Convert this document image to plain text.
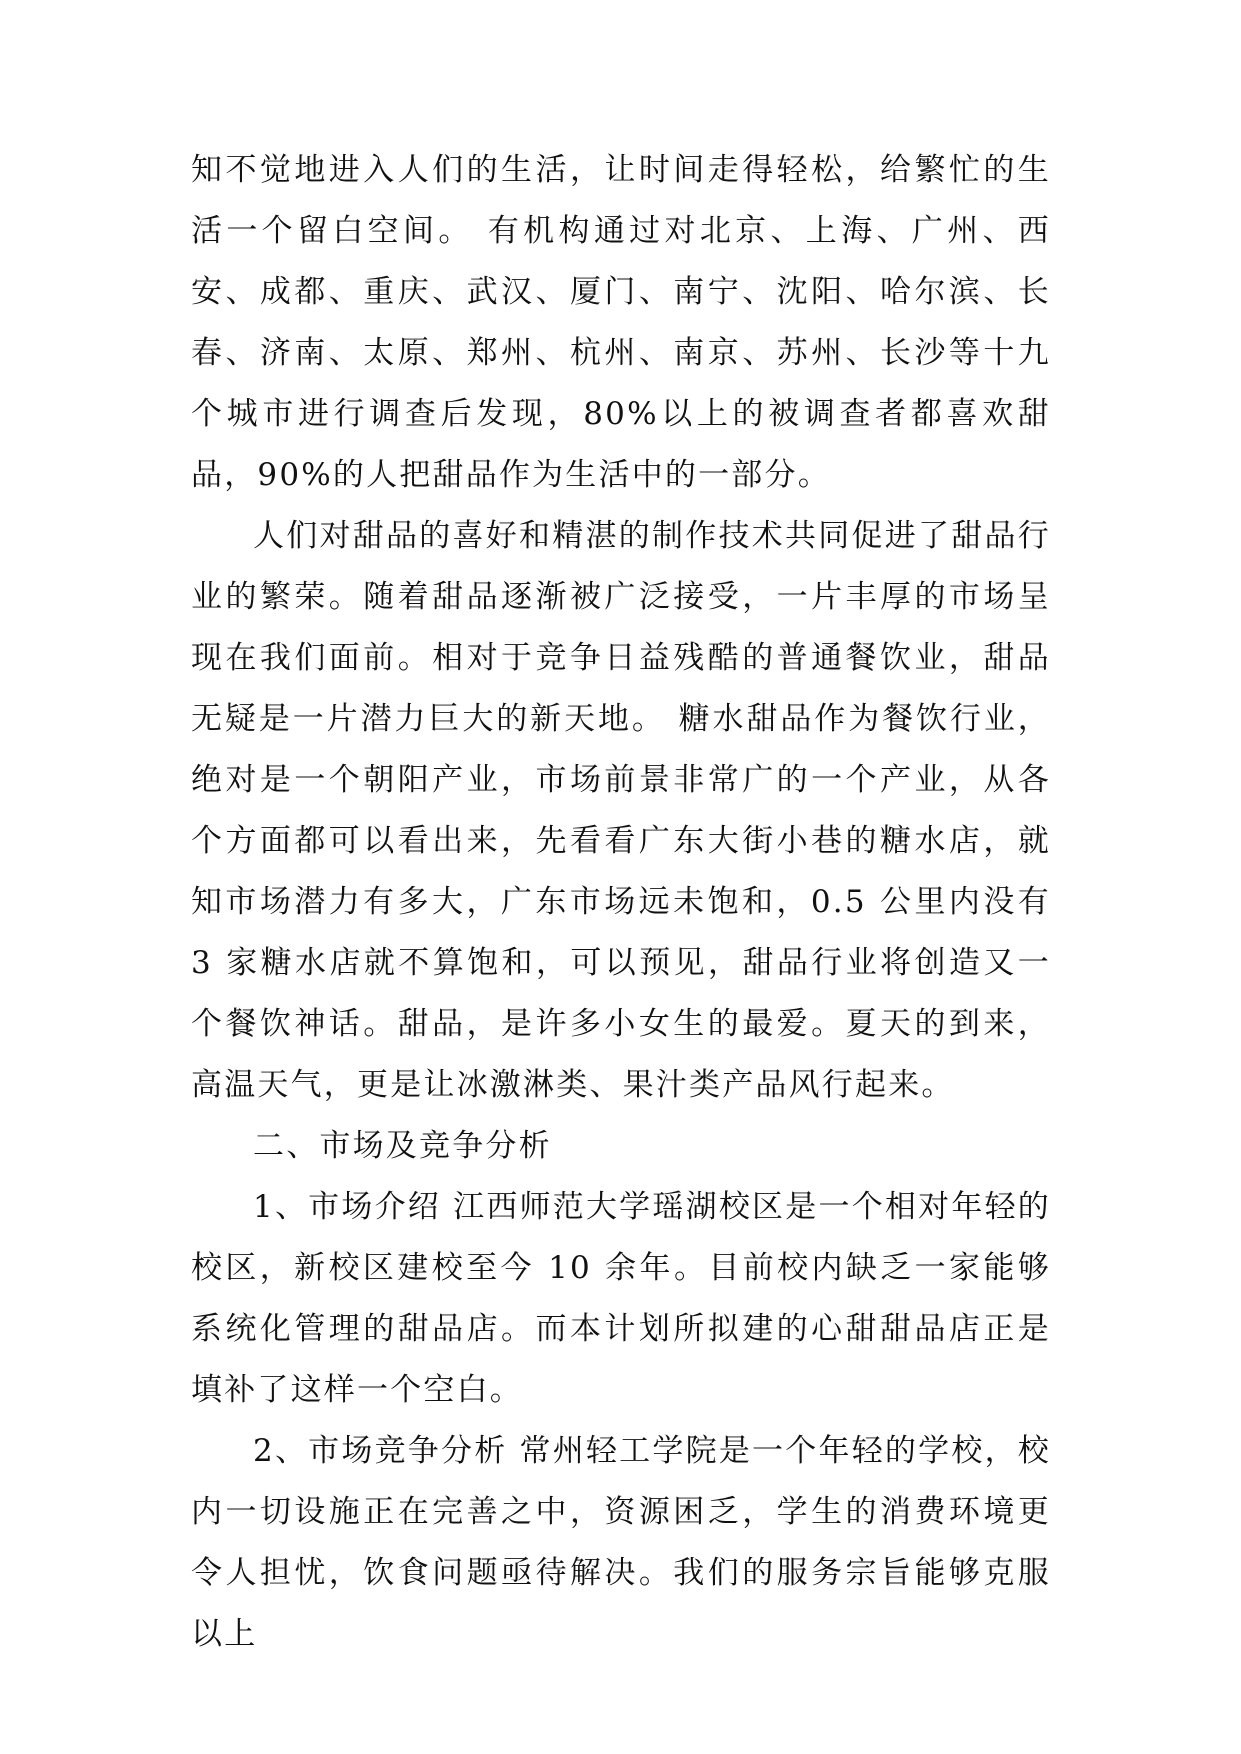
知不觉地进入人们的生活，让时间走得轻松，给繁忙的生活一个留白空间。 有机构通过对北京、上海、广州、西安、成都、重庆、武汉、厦门、南宁、沈阳、哈尔滨、长春、济南、太原、郑州、杭州、南京、苏州、长沙等十九个城市进行调查后发现，80%以上的被调查者都喜欢甜品，90%的人把甜品作为生活中的一部分。

人们对甜品的喜好和精湛的制作技术共同促进了甜品行业的繁荣。随着甜品逐渐被广泛接受，一片丰厚的市场呈现在我们面前。相对于竞争日益残酷的普通餐饮业，甜品无疑是一片潜力巨大的新天地。 糖水甜品作为餐饮行业，绝对是一个朝阳产业，市场前景非常广的一个产业，从各个方面都可以看出来，先看看广东大街小巷的糖水店，就知市场潜力有多大，广东市场远未饱和，0.5 公里内没有 3 家糖水店就不算饱和，可以预见，甜品行业将创造又一个餐饮神话。甜品，是许多小女生的最爱。夏天的到来，高温天气，更是让冰激淋类、果汁类产品风行起来。

二、市场及竞争分析

1、市场介绍 江西师范大学瑶湖校区是一个相对年轻的校区，新校区建校至今 10 余年。目前校内缺乏一家能够系统化管理的甜品店。而本计划所拟建的心甜甜品店正是填补了这样一个空白。

2、市场竞争分析 常州轻工学院是一个年轻的学校，校内一切设施正在完善之中，资源困乏，学生的消费环境更令人担忧，饮食问题亟待解决。我们的服务宗旨能够克服以上
